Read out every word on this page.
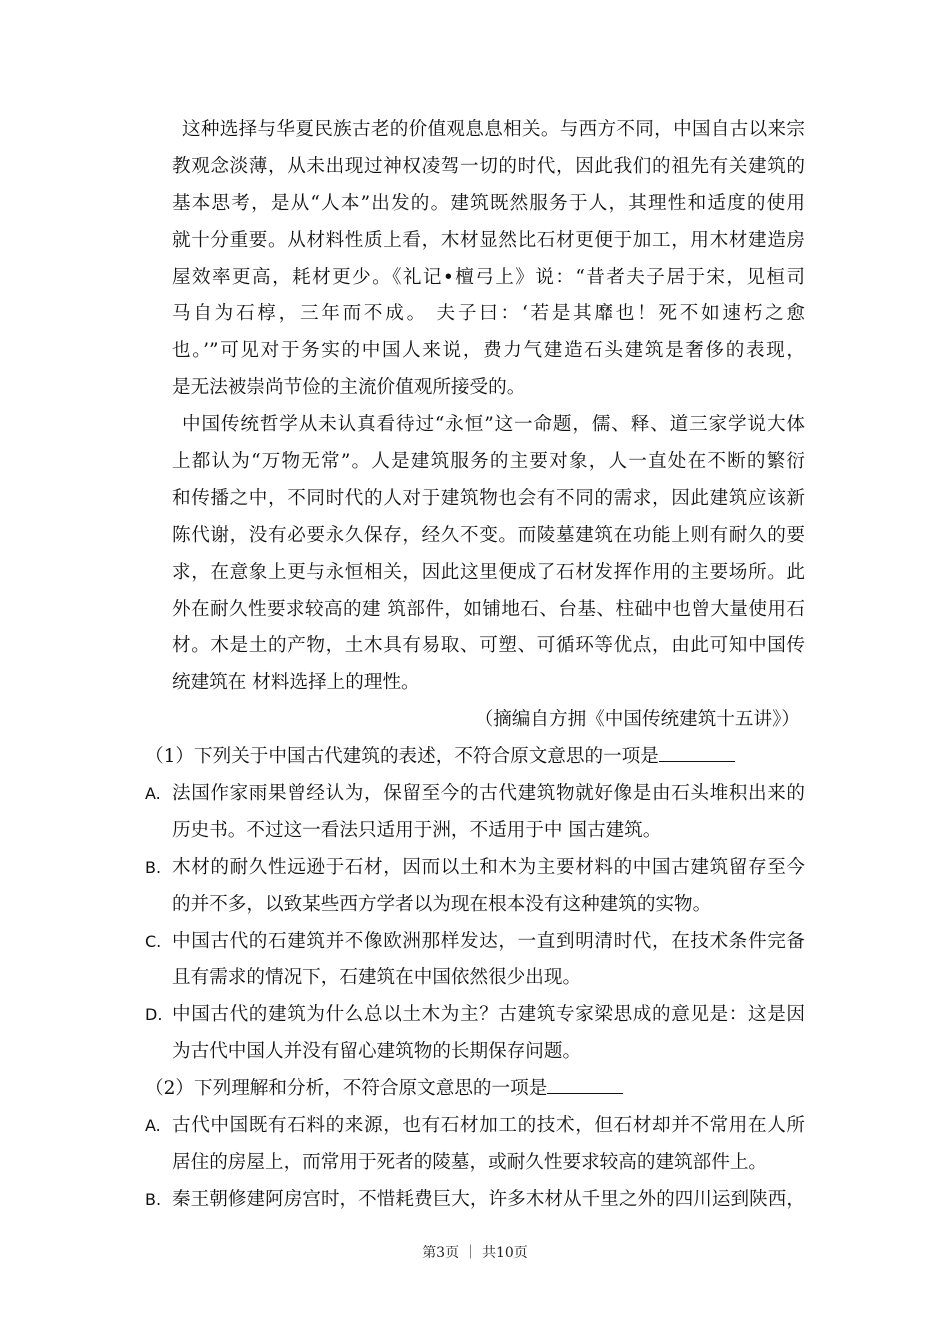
这种选择与华夏民族古老的价值观息息相关。与西方不同，中国自古以来宗
教观念淡薄，从未出现过神权凌驾一切的时代，因此我们的祖先有关建筑的
基本思考，是从“人本”出发的。建筑既然服务于人，其理性和适度的使用
就十分重要。从材料性质上看，木材显然比石材更便于加工，用木材建造房
屋效率更高，耗材更少。《礼记•檀弓上》说：“昔者夫子居于宋，见桓司
马自为石椁，三年而不成。 夫子曰：‘若是其靡也！死不如速朽之愈
也。’”可见对于务实的中国人来说，费力气建造石头建筑是奢侈的表现，
是无法被崇尚节俭的主流价值观所接受的。
中国传统哲学从未认真看待过“永恒”这一命题，儒、释、道三家学说大体
上都认为“万物无常”。人是建筑服务的主要对象，人一直处在不断的繁衍
和传播之中，不同时代的人对于建筑物也会有不同的需求，因此建筑应该新
陈代谢，没有必要永久保存，经久不变。而陵墓建筑在功能上则有耐久的要
求，在意象上更与永恒相关，因此这里便成了石材发挥作用的主要场所。此
外在耐久性要求较高的建 筑部件，如铺地石、台基、柱础中也曾大量使用石
材。木是土的产物，土木具有易取、可塑、可循环等优点，由此可知中国传
统建筑在 材料选择上的理性。
（摘编自方拥《中国传统建筑十五讲》）
（1）下列关于中国古代建筑的表述，不符合原文意思的一项是
A. 法国作家雨果曾经认为，保留至今的古代建筑物就好像是由石头堆积出来的
历史书。不过这一看法只适用于洲，不适用于中 国古建筑。
B. 木材的耐久性远逊于石材，因而以土和木为主要材料的中国古建筑留存至今
的并不多，以致某些西方学者以为现在根本没有这种建筑的实物。
C. 中国古代的石建筑并不像欧洲那样发达，一直到明清时代，在技术条件完备
且有需求的情况下，石建筑在中国依然很少出现。
D. 中国古代的建筑为什么总以土木为主？古建筑专家梁思成的意见是：这是因
为古代中国人并没有留心建筑物的长期保存问题。
（2）下列理解和分析，不符合原文意思的一项是
A. 古代中国既有石料的来源，也有石材加工的技术，但石材却并不常用在人所
居住的房屋上，而常用于死者的陵墓，或耐久性要求较高的建筑部件上。
B. 秦王朝修建阿房宫时，不惜耗费巨大，许多木材从千里之外的四川运到陕西，
第3页 ｜ 共10页
